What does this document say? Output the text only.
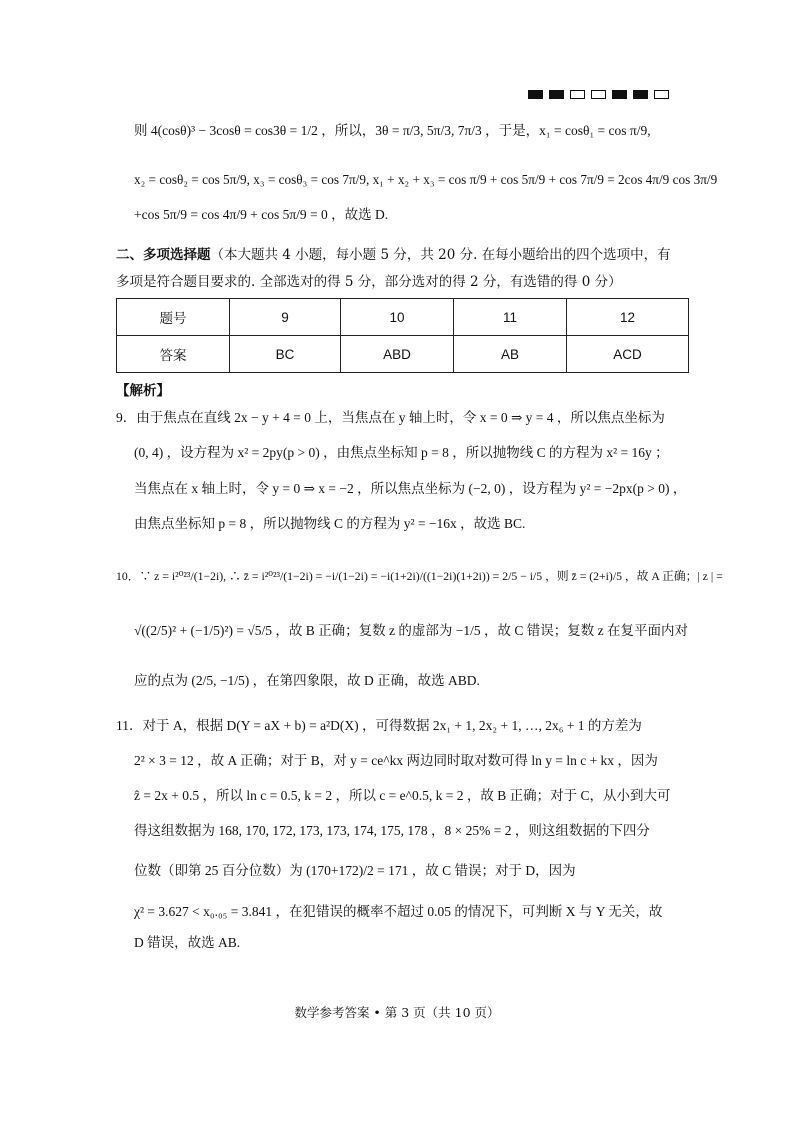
则 4(cosθ)³ − 3cosθ = cos3θ = 1/2 ，所以，3θ = π/3, 5π/3, 7π/3 ，于是，x₁ = cosθ₁ = cos π/9,
x₂ = cosθ₂ = cos 5π/9, x₃ = cosθ₃ = cos 7π/9, x₁ + x₂ + x₃ = cos π/9 + cos 5π/9 + cos 7π/9 = 2cos 4π/9 cos 3π/9
+cos 5π/9 = cos 4π/9 + cos 5π/9 = 0 ，故选 D.
二、多项选择题（本大题共 4 小题，每小题 5 分，共 20 分. 在每小题给出的四个选项中，有
多项是符合题目要求的. 全部选对的得 5 分，部分选对的得 2 分，有选错的得 0 分）
题号	9	10	11	12
答案	BC	ABD	AB	ACD
【解析】
9．由于焦点在直线 2x − y + 4 = 0 上，当焦点在 y 轴上时，令 x = 0 ⇒ y = 4 ，所以焦点坐标为
(0, 4) ，设方程为 x² = 2py(p > 0) ，由焦点坐标知 p = 8 ，所以抛物线 C 的方程为 x² = 16y ；
当焦点在 x 轴上时，令 y = 0 ⇒ x = −2 ，所以焦点坐标为 (−2, 0) ，设方程为 y² = −2px(p > 0) ，
由焦点坐标知 p = 8 ，所以抛物线 C 的方程为 y² = −16x ，故选 BC.
10．∵ z = i²⁰²³/(1−2i), ∴ z̄ = i²⁰²³/(1−2i) = −i/(1−2i) = −i(1+2i)/((1−2i)(1+2i)) = 2/5 − i/5 ，则 z̄ = (2+i)/5 ，故 A 正确；| z | =
√((2/5)² + (−1/5)²) = √5/5 ，故 B 正确；复数 z 的虚部为 −1/5 ，故 C 错误；复数 z 在复平面内对
应的点为 (2/5, −1/5) ，在第四象限，故 D 正确，故选 ABD.
11．对于 A，根据 D(Y = aX + b) = a²D(X) ，可得数据 2x₁ + 1, 2x₂ + 1, …, 2x₆ + 1 的方差为
2² × 3 = 12 ，故 A 正确；对于 B，对 y = ce^kx 两边同时取对数可得 ln y = ln c + kx ，因为
ẑ = 2x + 0.5 ，所以 ln c = 0.5, k = 2 ，所以 c = e^0.5, k = 2 ，故 B 正确；对于 C，从小到大可
得这组数据为 168, 170, 172, 173, 173, 174, 175, 178 ，8 × 25% = 2 ，则这组数据的下四分
位数（即第 25 百分位数）为 (170+172)/2 = 171 ，故 C 错误；对于 D，因为
χ² = 3.627 < x₀.₀₅ = 3.841 ，在犯错误的概率不超过 0.05 的情况下，可判断 X 与 Y 无关，故
D 错误，故选 AB.
数学参考答案 • 第 3 页（共 10 页）
